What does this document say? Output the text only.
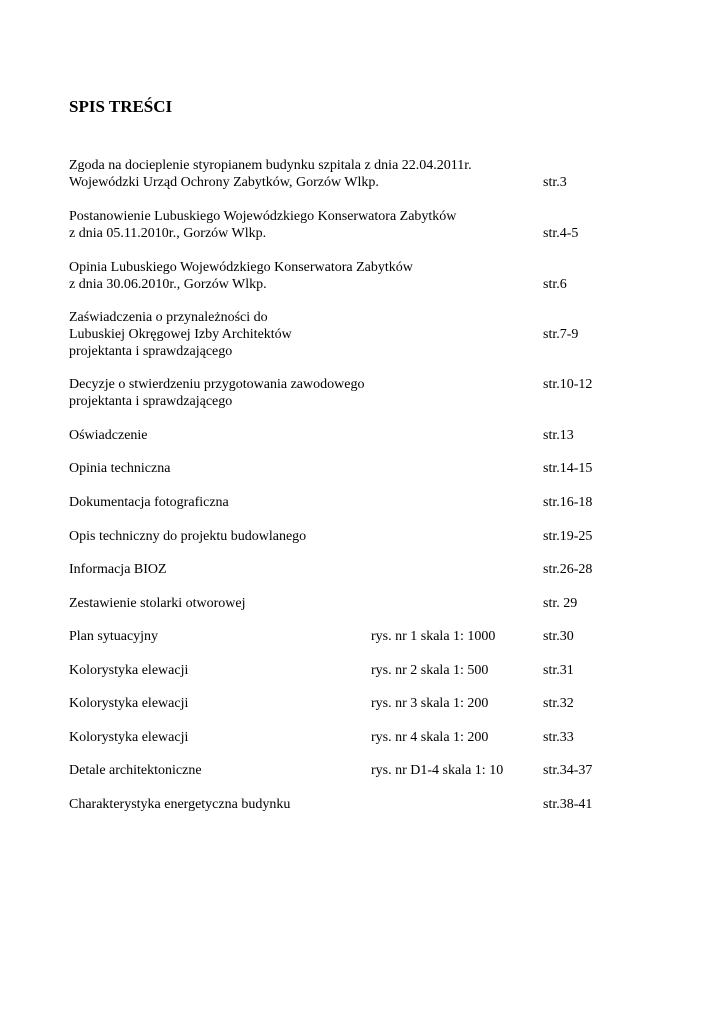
SPIS TREŚCI
Zgoda na docieplenie styropianem budynku szpitala z dnia 22.04.2011r.
Wojewódzki Urząd Ochrony Zabytków, Gorzów Wlkp.	str.3
Postanowienie Lubuskiego Wojewódzkiego Konserwatora Zabytków
z dnia 05.11.2010r., Gorzów Wlkp.	str.4-5
Opinia Lubuskiego Wojewódzkiego Konserwatora Zabytków
z dnia 30.06.2010r., Gorzów Wlkp.	str.6
Zaświadczenia o przynależności do
Lubuskiej Okręgowej Izby Architektów
projektanta i sprawdzającego
str.7-9
Decyzje o stwierdzeniu przygotowania zawodowego
projektanta i sprawdzającego
str.10-12
Oświadczenie	str.13
Opinia techniczna	str.14-15
Dokumentacja fotograficzna	str.16-18
Opis techniczny do projektu budowlanego	str.19-25
Informacja BIOZ	str.26-28
Zestawienie stolarki otworowej	str. 29
Plan sytuacyjny	rys. nr 1 skala 1: 1000	str.30
Kolorystyka elewacji	rys. nr 2 skala 1: 500	str.31
Kolorystyka elewacji	rys. nr 3 skala 1: 200	str.32
Kolorystyka elewacji	rys. nr 4 skala 1: 200	str.33
Detale architektoniczne	rys. nr D1-4 skala 1: 10	str.34-37
Charakterystyka energetyczna budynku	str.38-41
